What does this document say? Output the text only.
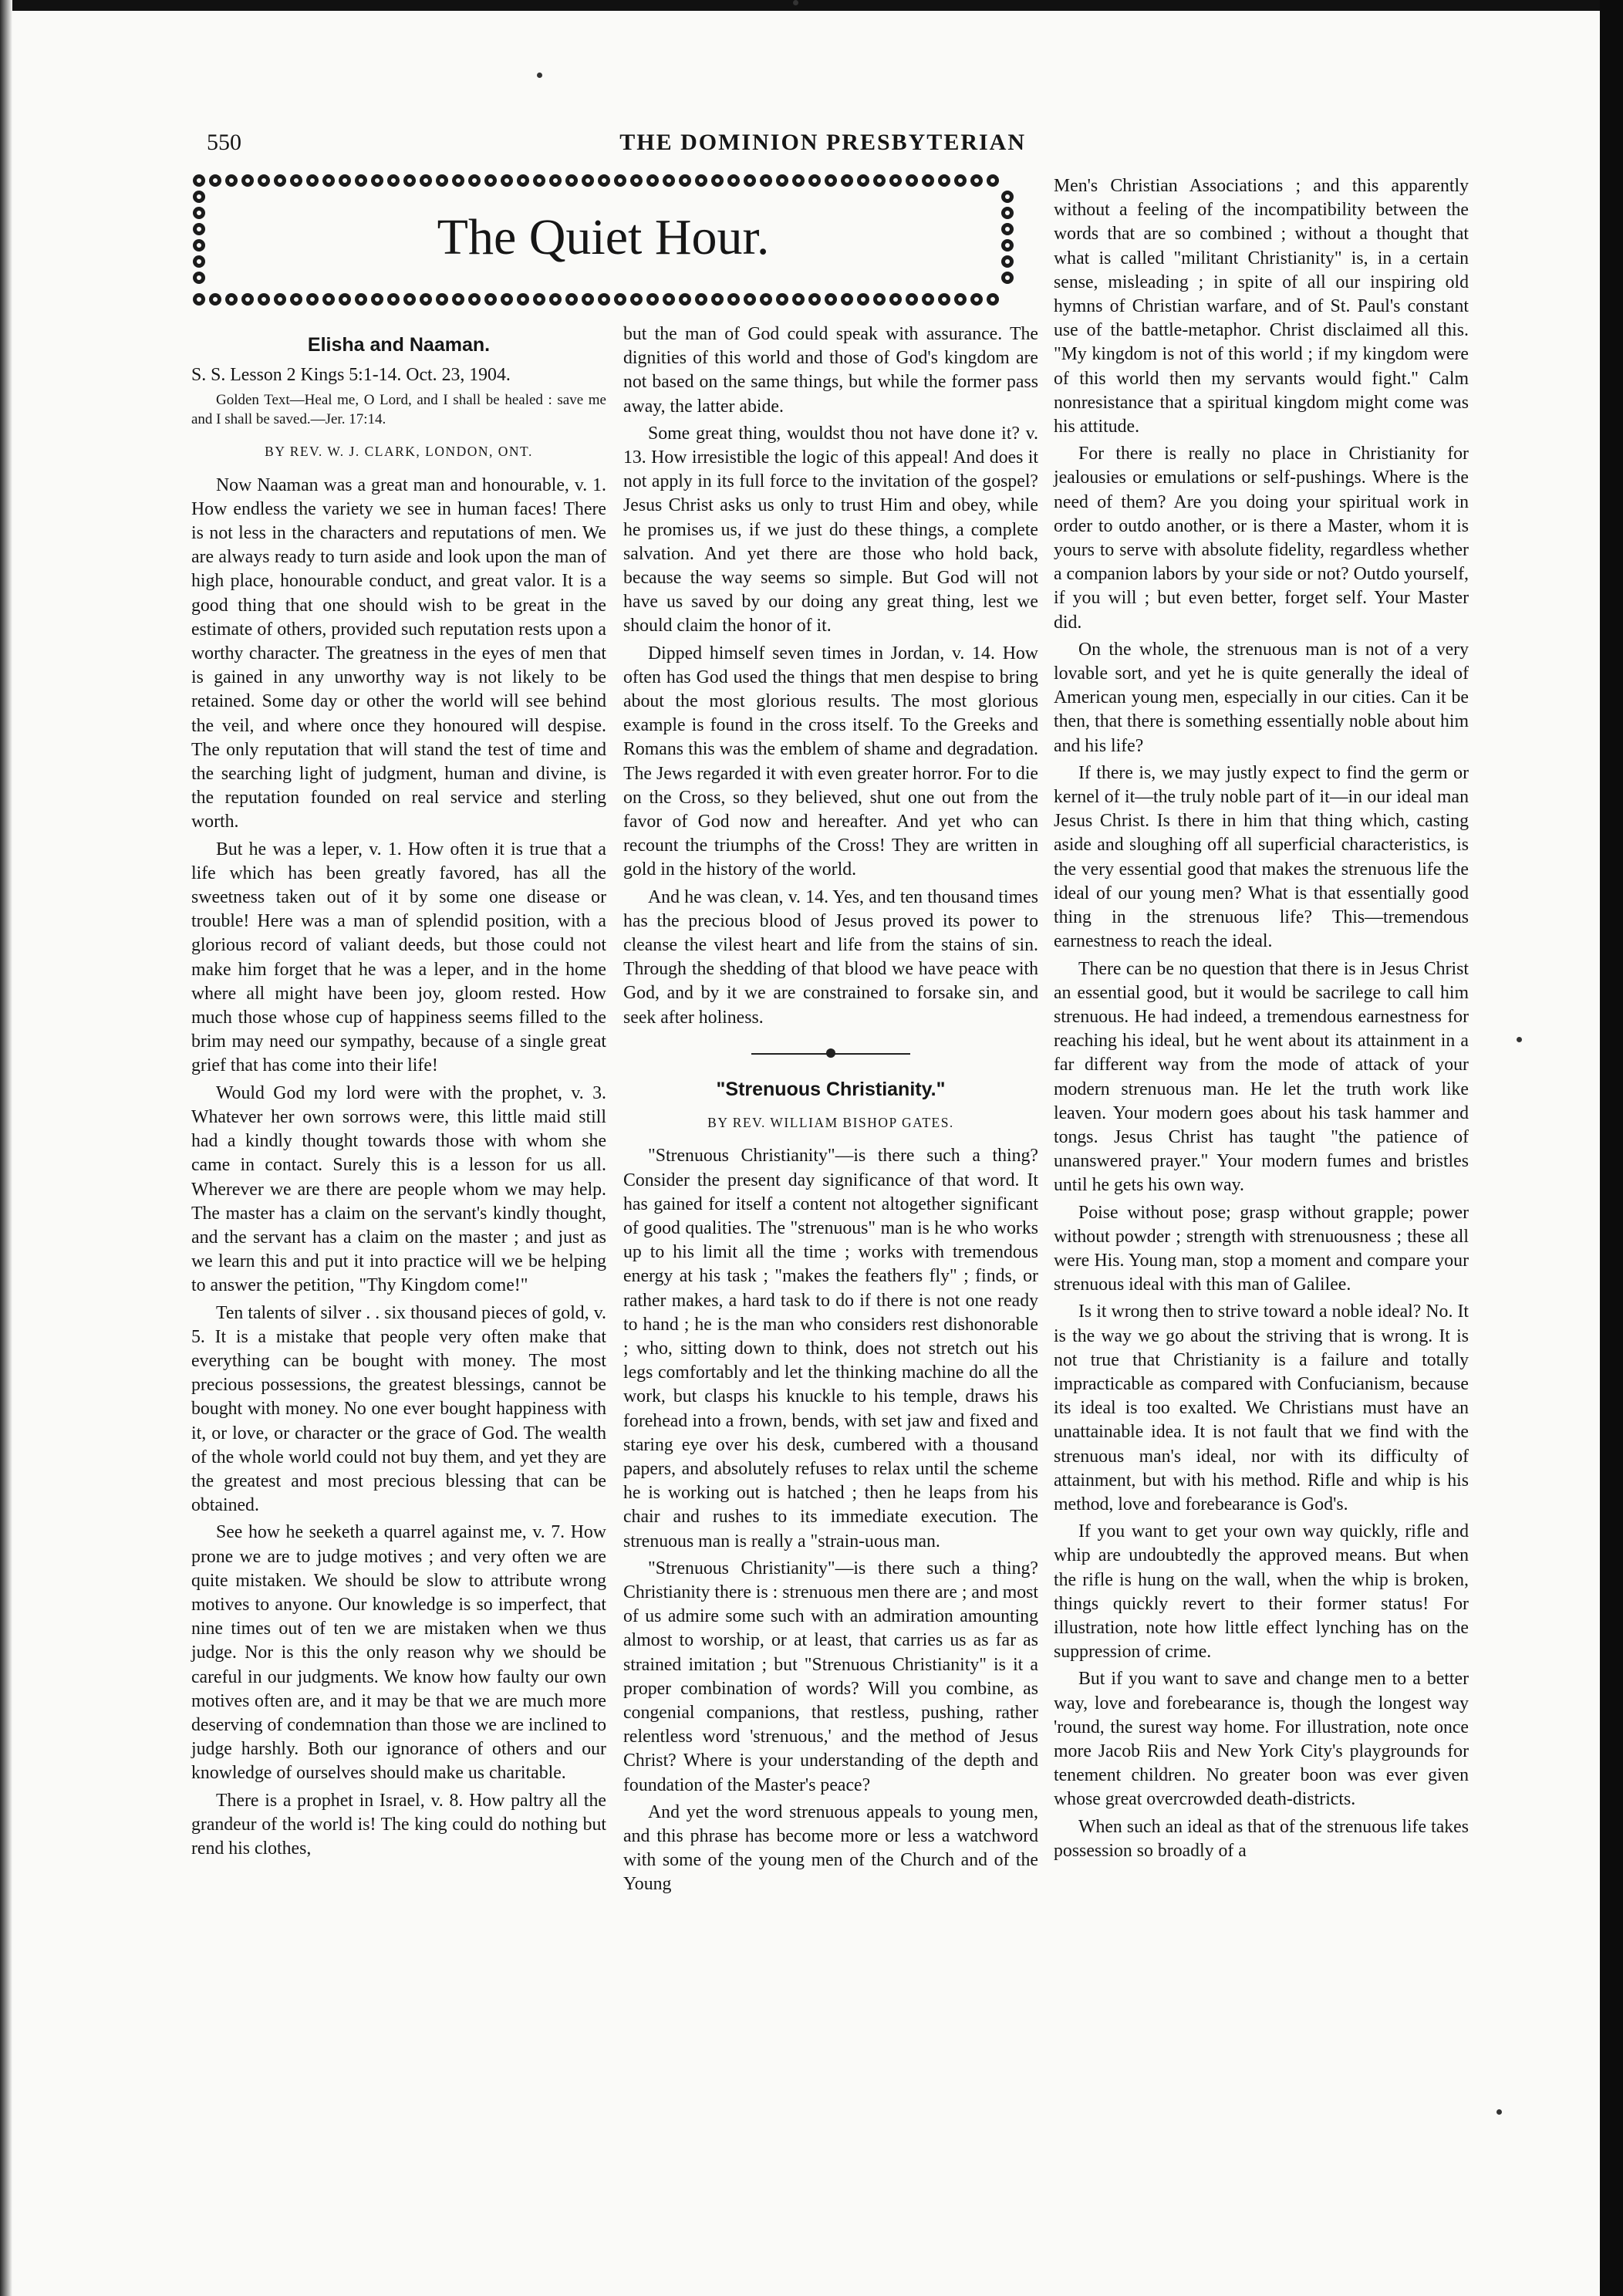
550	THE DOMINION PRESBYTERIAN
The Quiet Hour.
Elisha and Naaman.

S. S. Lesson 2 Kings 5:1-14. Oct. 23, 1904.

Golden Text—Heal me, O Lord, and I shall be healed : save me and I shall be saved.—Jer. 17:14.

BY REV. W. J. CLARK, LONDON, ONT.

Now Naaman was a great man and honourable, v. 1. How endless the variety we see in human faces! There is not less in the characters and reputations of men. We are always ready to turn aside and look upon the man of high place, honourable conduct, and great valor. It is a good thing that one should wish to be great in the estimate of others, provided such reputation rests upon a worthy character. The greatness in the eyes of men that is gained in any unworthy way is not likely to be retained. Some day or other the world will see behind the veil, and where once they honoured will despise. The only reputation that will stand the test of time and the searching light of judgment, human and divine, is the reputation founded on real service and sterling worth.

But he was a leper, v. 1. How often it is true that a life which has been greatly favored, has all the sweetness taken out of it by some one disease or trouble! Here was a man of splendid position, with a glorious record of valiant deeds, but those could not make him forget that he was a leper, and in the home where all might have been joy, gloom rested. How much those whose cup of happiness seems filled to the brim may need our sympathy, because of a single great grief that has come into their life!

Would God my lord were with the prophet, v. 3. Whatever her own sorrows were, this little maid still had a kindly thought towards those with whom she came in contact. Surely this is a lesson for us all. Wherever we are there are people whom we may help. The master has a claim on the servant's kindly thought, and the servant has a claim on the master ; and just as we learn this and put it into practice will we be helping to answer the petition, "Thy Kingdom come!"

Ten talents of silver . . six thousand pieces of gold, v. 5. It is a mistake that people very often make that everything can be bought with money. The most precious possessions, the greatest blessings, cannot be bought with money. No one ever bought happiness with it, or love, or character or the grace of God. The wealth of the whole world could not buy them, and yet they are the greatest and most precious blessing that can be obtained.

See how he seeketh a quarrel against me, v. 7. How prone we are to judge motives ; and very often we are quite mistaken. We should be slow to attribute wrong motives to anyone. Our knowledge is so imperfect, that nine times out of ten we are mistaken when we thus judge. Nor is this the only reason why we should be careful in our judgments. We know how faulty our own motives often are, and it may be that we are much more deserving of condemnation than those we are inclined to judge harshly. Both our ignorance of others and our knowledge of ourselves should make us charitable.

There is a prophet in Israel, v. 8. How paltry all the grandeur of the world is! The king could do nothing but rend his clothes,

but the man of God could speak with assurance. The dignities of this world and those of God's kingdom are not based on the same things, but while the former pass away, the latter abide.

Some great thing, wouldst thou not have done it? v. 13. How irresistible the logic of this appeal! And does it not apply in its full force to the invitation of the gospel? Jesus Christ asks us only to trust Him and obey, while he promises us, if we just do these things, a complete salvation. And yet there are those who hold back, because the way seems so simple. But God will not have us saved by our doing any great thing, lest we should claim the honor of it.

Dipped himself seven times in Jordan, v. 14. How often has God used the things that men despise to bring about the most glorious results. The most glorious example is found in the cross itself. To the Greeks and Romans this was the emblem of shame and degradation. The Jews regarded it with even greater horror. For to die on the Cross, so they believed, shut one out from the favor of God now and hereafter. And yet who can recount the triumphs of the Cross! They are written in gold in the history of the world.

And he was clean, v. 14. Yes, and ten thousand times has the precious blood of Jesus proved its power to cleanse the vilest heart and life from the stains of sin. Through the shedding of that blood we have peace with God, and by it we are constrained to forsake sin, and seek after holiness.

"Strenuous Christianity."

BY REV. WILLIAM BISHOP GATES.

"Strenuous Christianity"—is there such a thing? Consider the present day significance of that word. It has gained for itself a content not altogether significant of good qualities. The "strenuous" man is he who works up to his limit all the time ; works with tremendous energy at his task ; "makes the feathers fly" ; finds, or rather makes, a hard task to do if there is not one ready to hand ; he is the man who considers rest dishonorable ; who, sitting down to think, does not stretch out his legs comfortably and let the thinking machine do all the work, but clasps his knuckle to his temple, draws his forehead into a frown, bends, with set jaw and fixed and staring eye over his desk, cumbered with a thousand papers, and absolutely refuses to relax until the scheme he is working out is hatched ; then he leaps from his chair and rushes to its immediate execution. The strenuous man is really a "strain-uous man.

"Strenuous Christianity"—is there such a thing? Christianity there is : strenuous men there are ; and most of us admire some such with an admiration amounting almost to worship, or at least, that carries us as far as strained imitation ; but "Strenuous Christianity" is it a proper combination of words? Will you combine, as congenial companions, that restless, pushing, rather relentless word 'strenuous,' and the method of Jesus Christ? Where is your understanding of the depth and foundation of the Master's peace?

And yet the word strenuous appeals to young men, and this phrase has become more or less a watchword with some of the young men of the Church and of the Young

Men's Christian Associations ; and this apparently without a feeling of the incompatibility between the words that are so combined ; without a thought that what is called "militant Christianity" is, in a certain sense, misleading ; in spite of all our inspiring old hymns of Christian warfare, and of St. Paul's constant use of the battle-metaphor. Christ disclaimed all this. "My kingdom is not of this world ; if my kingdom were of this world then my servants would fight." Calm nonresistance that a spiritual kingdom might come was his attitude.

For there is really no place in Christianity for jealousies or emulations or self-pushings. Where is the need of them? Are you doing your spiritual work in order to outdo another, or is there a Master, whom it is yours to serve with absolute fidelity, regardless whether a companion labors by your side or not? Outdo yourself, if you will ; but even better, forget self. Your Master did.

On the whole, the strenuous man is not of a very lovable sort, and yet he is quite generally the ideal of American young men, especially in our cities. Can it be then, that there is something essentially noble about him and his life?

If there is, we may justly expect to find the germ or kernel of it—the truly noble part of it—in our ideal man Jesus Christ. Is there in him that thing which, casting aside and sloughing off all superficial characteristics, is the very essential good that makes the strenuous life the ideal of our young men? What is that essentially good thing in the strenuous life? This—tremendous earnestness to reach the ideal.

There can be no question that there is in Jesus Christ an essential good, but it would be sacrilege to call him strenuous. He had indeed, a tremendous earnestness for reaching his ideal, but he went about its attainment in a far different way from the mode of attack of your modern strenuous man. He let the truth work like leaven. Your modern goes about his task hammer and tongs. Jesus Christ has taught "the patience of unanswered prayer." Your modern fumes and bristles until he gets his own way.

Poise without pose; grasp without grapple; power without powder ; strength with strenuousness ; these all were His. Young man, stop a moment and compare your strenuous ideal with this man of Galilee.

Is it wrong then to strive toward a noble ideal? No. It is the way we go about the striving that is wrong. It is not true that Christianity is a failure and totally impracticable as compared with Confucianism, because its ideal is too exalted. We Christians must have an unattainable idea. It is not fault that we find with the strenuous man's ideal, nor with its difficulty of attainment, but with his method. Rifle and whip is his method, love and forebearance is God's.

If you want to get your own way quickly, rifle and whip are undoubtedly the approved means. But when the rifle is hung on the wall, when the whip is broken, things quickly revert to their former status! For illustration, note how little effect lynching has on the suppression of crime.

But if you want to save and change men to a better way, love and forebearance is, though the longest way 'round, the surest way home. For illustration, note once more Jacob Riis and New York City's playgrounds for tenement children. No greater boon was ever given whose great overcrowded death-districts.

When such an ideal as that of the strenuous life takes possession so broadly of a
